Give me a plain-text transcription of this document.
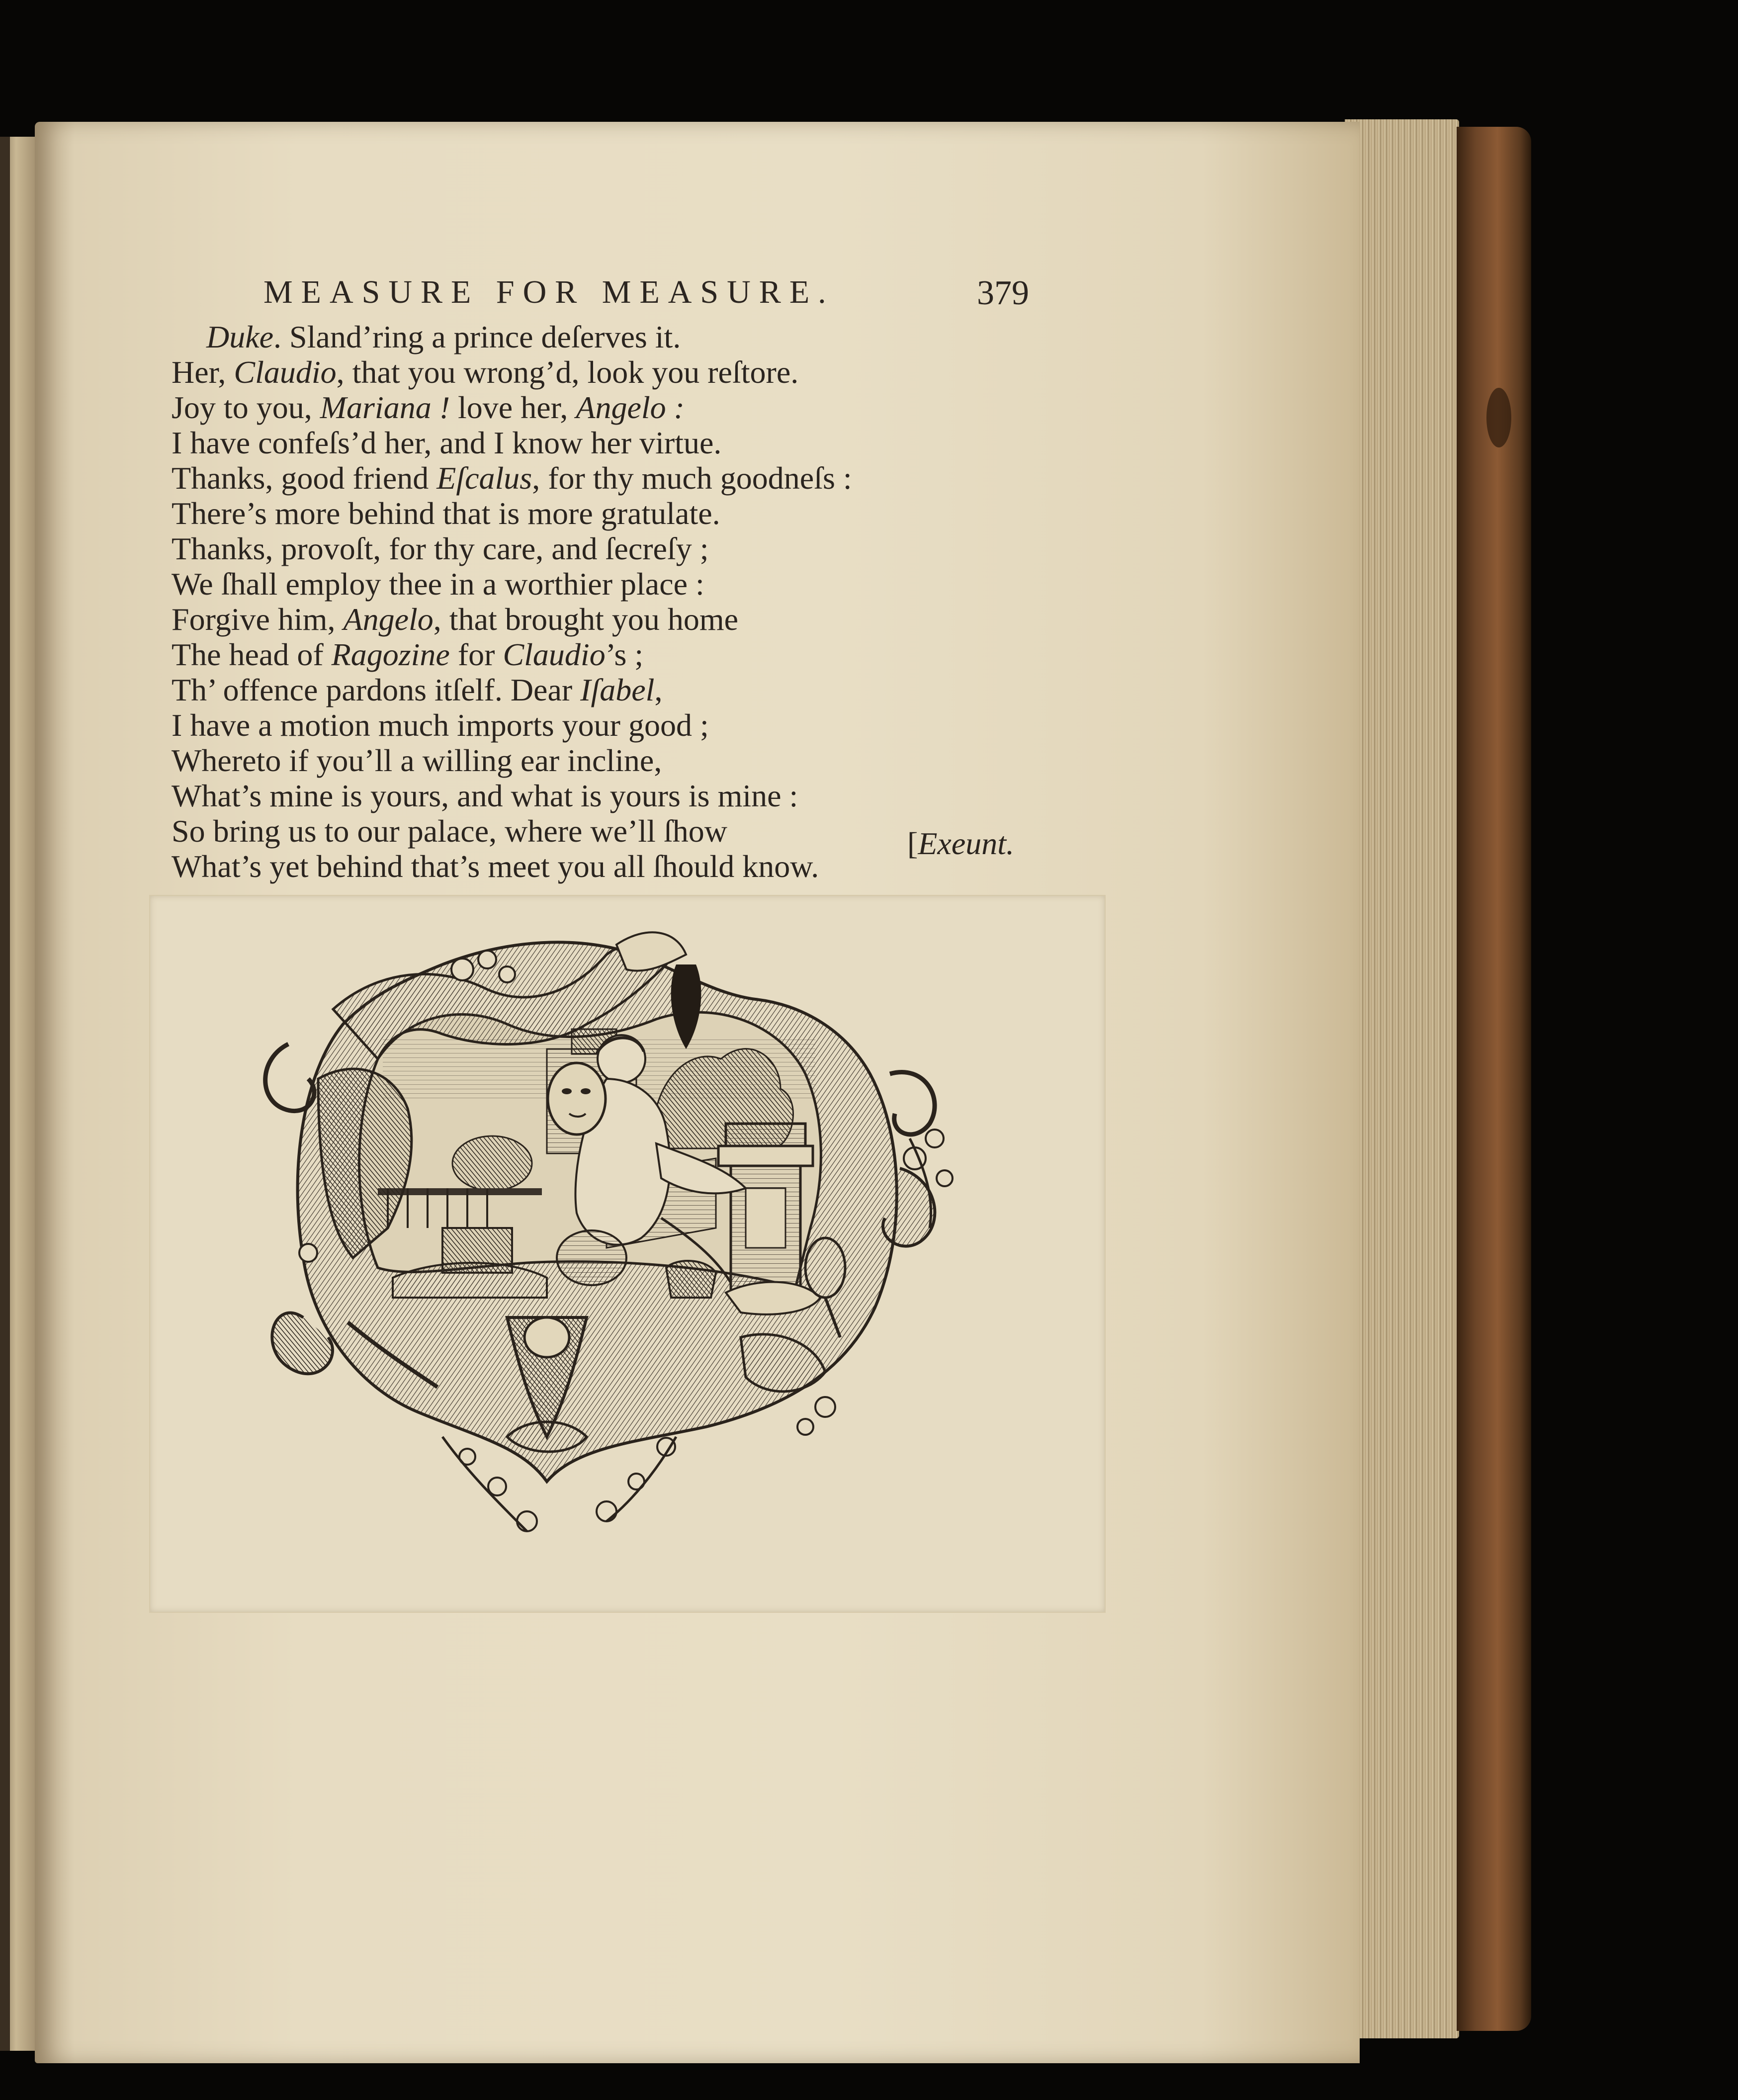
MEASURE FOR MEASURE.	379
Duke. Sland’ring a prince deſerves it.
Her, Claudio, that you wrong’d, look you reſtore.
Joy to you, Mariana ! love her, Angelo :
I have confeſs’d her, and I know her virtue.
Thanks, good friend Eſcalus, for thy much goodneſs :
There’s more behind that is more gratulate.
Thanks, provoſt, for thy care, and ſecreſy ;
We ſhall employ thee in a worthier place :
Forgive him, Angelo, that brought you home
The head of Ragozine for Claudio’s ;
Th’ offence pardons itſelf. Dear Iſabel,
I have a motion much imports your good ;
Whereto if you’ll a willing ear incline,
What’s mine is yours, and what is yours is mine :
So bring us to our palace, where we’ll ſhow
What’s yet behind that’s meet you all ſhould know.
[Exeunt.
